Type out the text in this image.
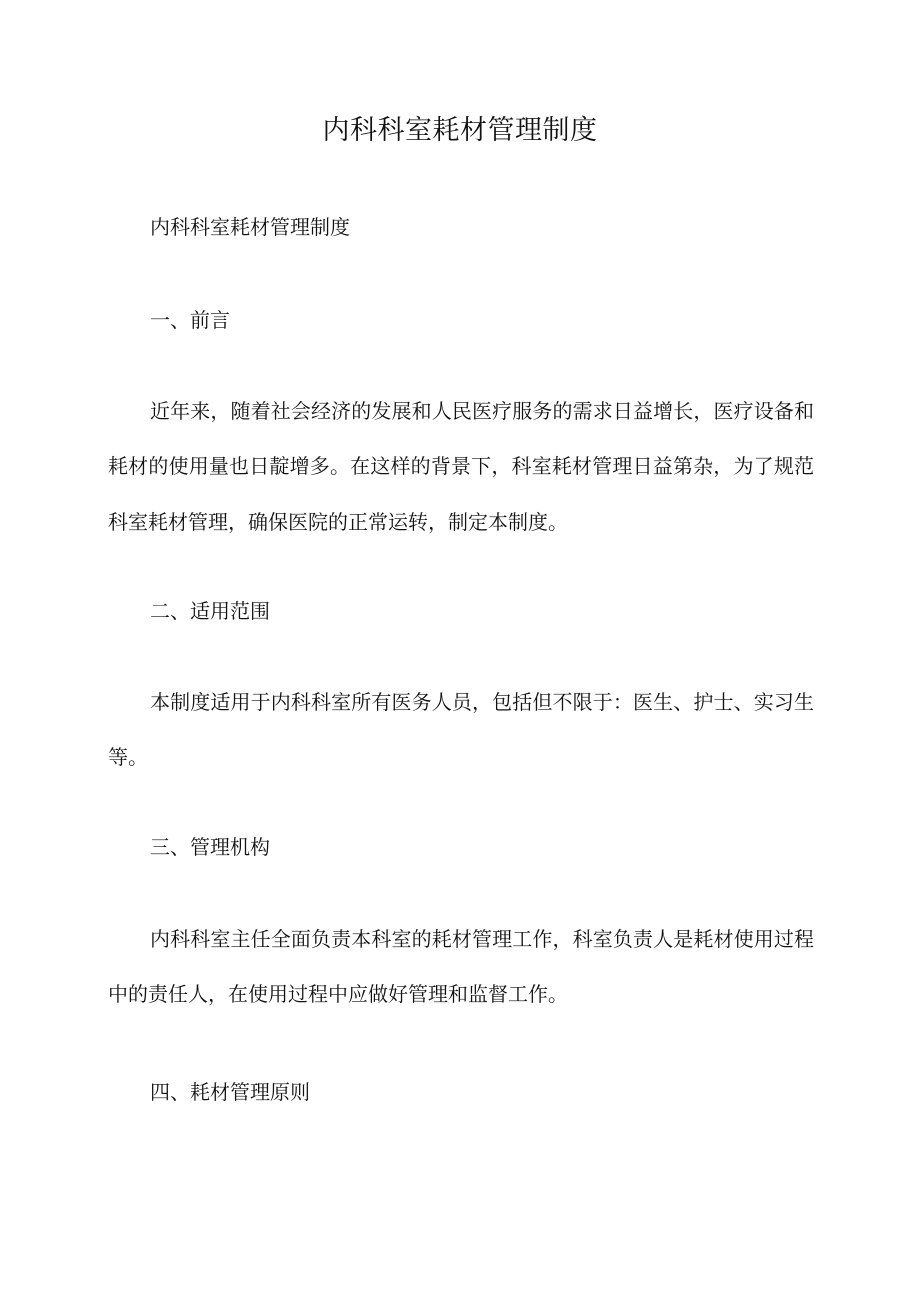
内科科室耗材管理制度

内科科室耗材管理制度

一、前言

近年来，随着社会经济的发展和人民医疗服务的需求日益增长，医疗设备和

耗材的使用量也日靛增多。在这样的背景下，科室耗材管理日益第杂，为了规范

科室耗材管理，确保医院的正常运转，制定本制度。

二、适用范围

本制度适用于内科科室所有医务人员，包括但不限于：医生、护士、实习生

等。

三、管理机构

内科科室主任全面负责本科室的耗材管理工作，科室负责人是耗材使用过程

中的责任人，在使用过程中应做好管理和监督工作。

四、耗材管理原则
